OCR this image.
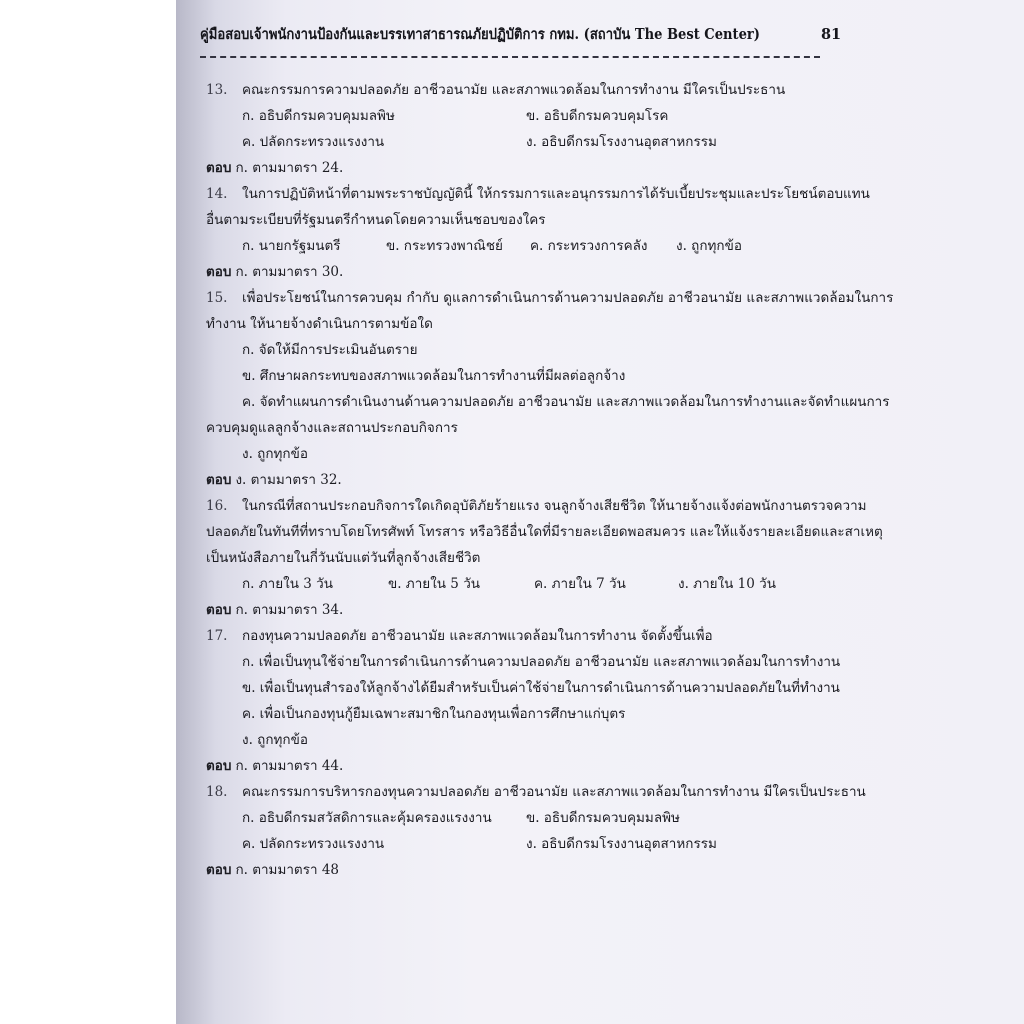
คู่มือสอบเจ้าพนักงานป้องกันและบรรเทาสาธารณภัยปฏิบัติการ กทม. (สถาบัน The Best Center)	81
13. คณะกรรมการความปลอดภัย อาชีวอนามัย และสภาพแวดล้อมในการทำงาน มีใครเป็นประธาน
ก. อธิบดีกรมควบคุมมลพิษ	ข. อธิบดีกรมควบคุมโรค
ค. ปลัดกระทรวงแรงงาน	ง. อธิบดีกรมโรงงานอุตสาหกรรม
ตอบ ก. ตามมาตรา 24.
14. ในการปฏิบัติหน้าที่ตามพระราชบัญญัตินี้ ให้กรรมการและอนุกรรมการได้รับเบี้ยประชุมและประโยชน์ตอบแทน
อื่นตามระเบียบที่รัฐมนตรีกำหนดโดยความเห็นชอบของใคร
ก. นายกรัฐมนตรี	ข. กระทรวงพาณิชย์ ค. กระทรวงการคลัง ง. ถูกทุกข้อ
ตอบ ก. ตามมาตรา 30.
15. เพื่อประโยชน์ในการควบคุม กำกับ ดูแลการดำเนินการด้านความปลอดภัย อาชีวอนามัย และสภาพแวดล้อมในการ
ทำงาน ให้นายจ้างดำเนินการตามข้อใด
ก. จัดให้มีการประเมินอันตราย
ข. ศึกษาผลกระทบของสภาพแวดล้อมในการทำงานที่มีผลต่อลูกจ้าง
ค. จัดทำแผนการดำเนินงานด้านความปลอดภัย อาชีวอนามัย และสภาพแวดล้อมในการทำงานและจัดทำแผนการ
ควบคุมดูแลลูกจ้างและสถานประกอบกิจการ
ง. ถูกทุกข้อ
ตอบ ง. ตามมาตรา 32.
16. ในกรณีที่สถานประกอบกิจการใดเกิดอุบัติภัยร้ายแรง จนลูกจ้างเสียชีวิต ให้นายจ้างแจ้งต่อพนักงานตรวจความ
ปลอดภัยในทันทีที่ทราบโดยโทรศัพท์ โทรสาร หรือวิธีอื่นใดที่มีรายละเอียดพอสมควร และให้แจ้งรายละเอียดและสาเหตุ
เป็นหนังสือภายในกี่วันนับแต่วันที่ลูกจ้างเสียชีวิต
ก. ภายใน 3 วัน	ข. ภายใน 5 วัน	ค. ภายใน 7 วัน	ง. ภายใน 10 วัน
ตอบ ก. ตามมาตรา 34.
17. กองทุนความปลอดภัย อาชีวอนามัย และสภาพแวดล้อมในการทำงาน จัดตั้งขึ้นเพื่อ
ก. เพื่อเป็นทุนใช้จ่ายในการดำเนินการด้านความปลอดภัย อาชีวอนามัย และสภาพแวดล้อมในการทำงาน
ข. เพื่อเป็นทุนสำรองให้ลูกจ้างได้ยืมสำหรับเป็นค่าใช้จ่ายในการดำเนินการด้านความปลอดภัยในที่ทำงาน
ค. เพื่อเป็นกองทุนกู้ยืมเฉพาะสมาชิกในกองทุนเพื่อการศึกษาแก่บุตร
ง. ถูกทุกข้อ
ตอบ ก. ตามมาตรา 44.
18. คณะกรรมการบริหารกองทุนความปลอดภัย อาชีวอนามัย และสภาพแวดล้อมในการทำงาน มีใครเป็นประธาน
ก. อธิบดีกรมสวัสดิการและคุ้มครองแรงงาน	ข. อธิบดีกรมควบคุมมลพิษ
ค. ปลัดกระทรวงแรงงาน	ง. อธิบดีกรมโรงงานอุตสาหกรรม
ตอบ ก. ตามมาตรา 48
